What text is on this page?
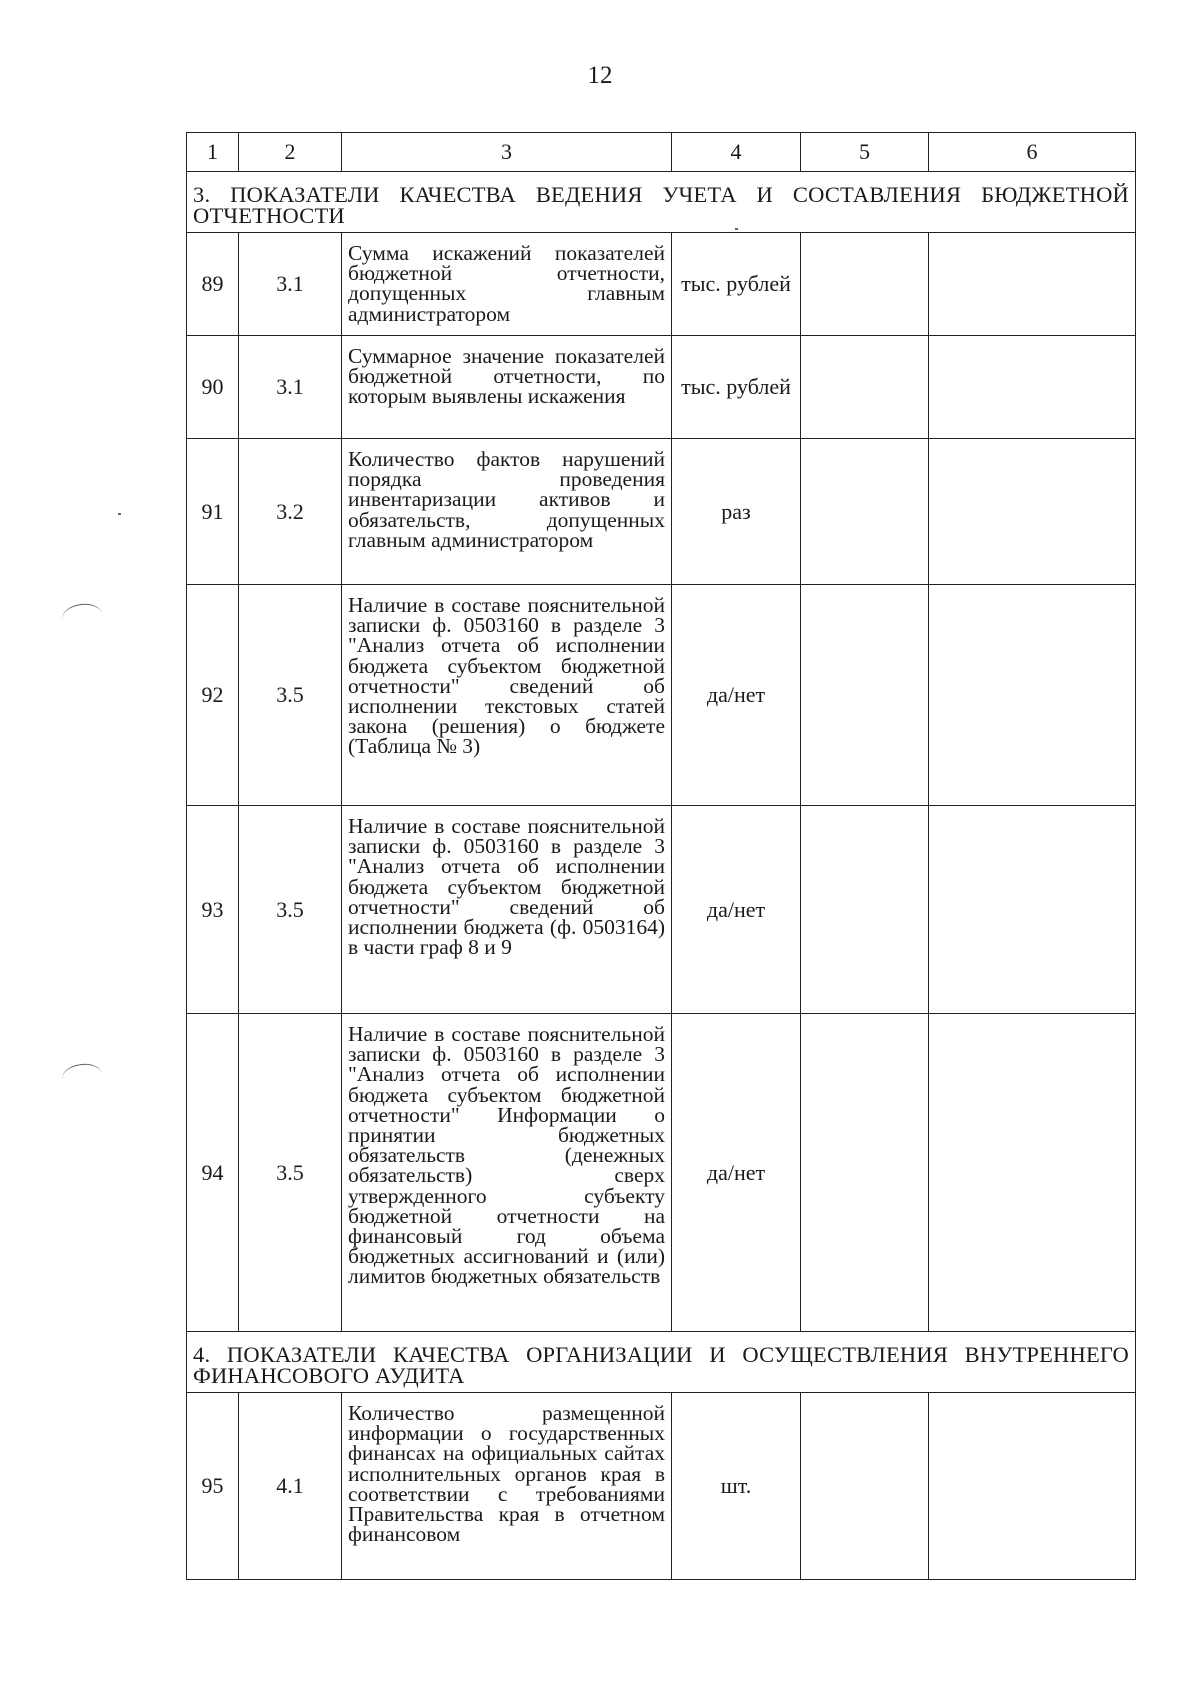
12
1	2	3	4	5	6
3. ПОКАЗАТЕЛИ КАЧЕСТВА ВЕДЕНИЯ УЧЕТА И СОСТАВЛЕНИЯ БЮДЖЕТНОЙ ОТЧЕТНОСТИ					
89	3.1	Сумма искажений показателей бюджетной отчетности, допущенных главным администратором	тыс. рублей		
90	3.1	Суммарное значение показателей бюджетной отчетности, по которым выявлены искажения	тыс. рублей		
91	3.2	Количество фактов нарушений порядка проведения инвентаризации активов и обязательств, допущенных главным администратором	раз		
92	3.5	Наличие в составе пояснительной записки ф. 0503160 в разделе 3 "Анализ отчета об исполнении бюджета субъектом бюджетной отчетности" сведений об исполнении текстовых статей закона (решения) о бюджете (Таблица № 3)	да/нет		
93	3.5	Наличие в составе пояснительной записки ф. 0503160 в разделе 3 "Анализ отчета об исполнении бюджета субъектом бюджетной отчетности" сведений об исполнении бюджета (ф. 0503164) в части граф 8 и 9	да/нет		
94	3.5	Наличие в составе пояснительной записки ф. 0503160 в разделе 3 "Анализ отчета об исполнении бюджета субъектом бюджетной отчетности" Информации о принятии бюджетных обязательств (денежных обязательств) сверх утвержденного субъекту бюджетной отчетности на финансовый год объема бюджетных ассигнований и (или) лимитов бюджетных обязательств	да/нет		
4. ПОКАЗАТЕЛИ КАЧЕСТВА ОРГАНИЗАЦИИ И ОСУЩЕСТВЛЕНИЯ ВНУТРЕННЕГО ФИНАНСОВОГО АУДИТА					
95	4.1	Количество размещенной информации о государственных финансах на официальных сайтах исполнительных органов края в соответствии с требованиями Правительства края в отчетном финансовом	шт.		
